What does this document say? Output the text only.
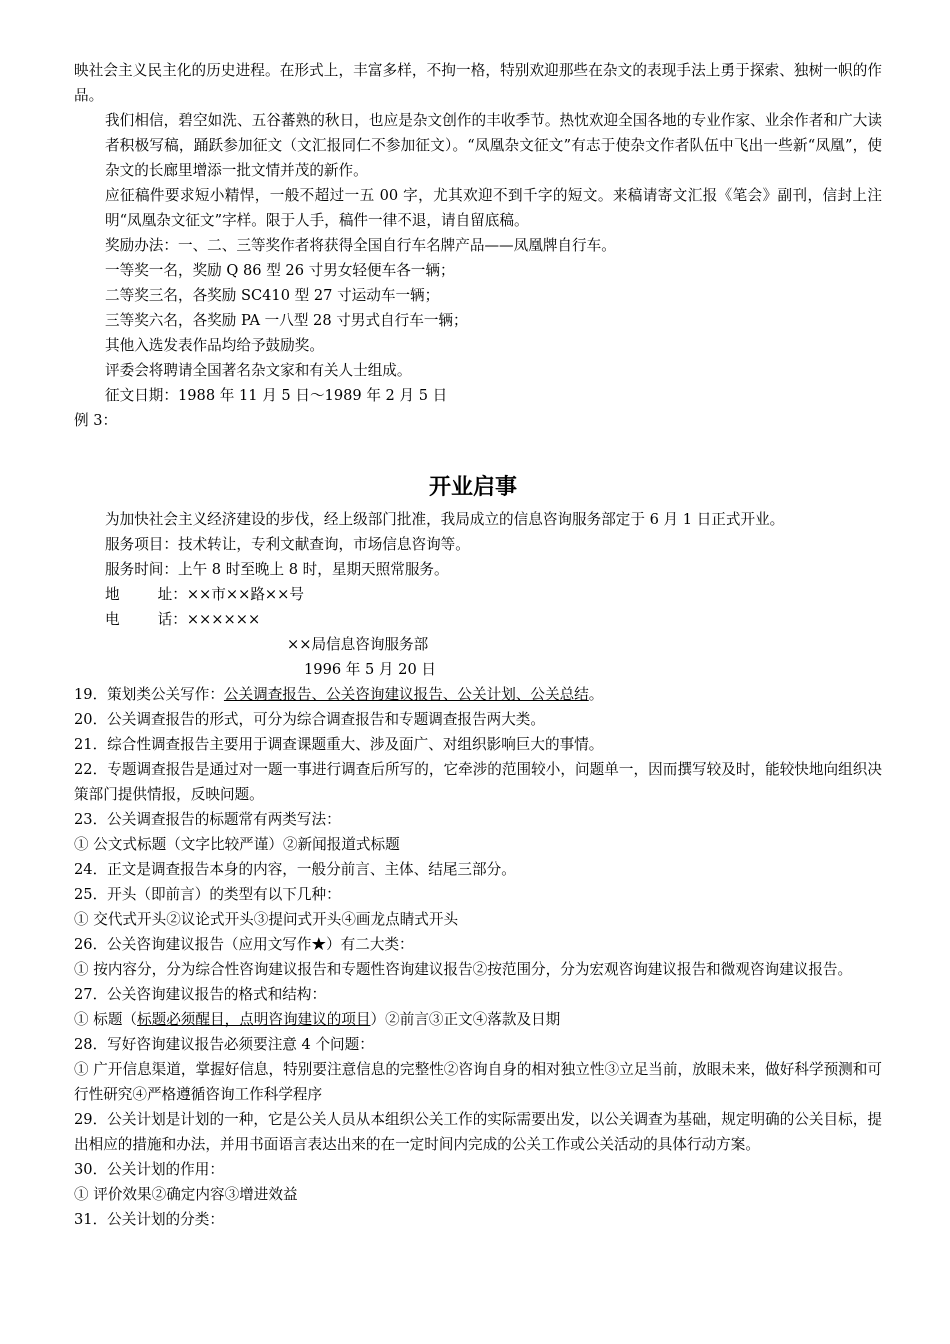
映社会主义民主化的历史进程。在形式上，丰富多样，不拘一格，特别欢迎那些在杂文的表现手法上勇于探索、独树一帜的作品。

我们相信，碧空如洗、五谷蕃熟的秋日，也应是杂文创作的丰收季节。热忱欢迎全国各地的专业作家、业余作者和广大读者积极写稿，踊跃参加征文（文汇报同仁不参加征文）。“凤凰杂文征文”有志于使杂文作者队伍中飞出一些新“凤凰”，使杂文的长廊里增添一批文情并茂的新作。

应征稿件要求短小精悍，一般不超过一五 00 字，尤其欢迎不到千字的短文。来稿请寄文汇报《笔会》副刊，信封上注明“凤凰杂文征文”字样。限于人手，稿件一律不退，请自留底稿。

奖励办法：一、二、三等奖作者将获得全国自行车名牌产品——凤凰牌自行车。

一等奖一名，奖励 Q 86 型 26 寸男女轻便车各一辆；

二等奖三名，各奖励 SC410 型 27 寸运动车一辆；

三等奖六名，各奖励 PA 一八型 28 寸男式自行车一辆；

其他入选发表作品均给予鼓励奖。

评委会将聘请全国著名杂文家和有关人士组成。

征文日期：1988 年 11 月 5 日～1989 年 2 月 5 日

例 3：

开业启事

为加快社会主义经济建设的步伐，经上级部门批准，我局成立的信息咨询服务部定于 6 月 1 日正式开业。

服务项目：技术转让，专利文献查询，市场信息咨询等。

服务时间：上午 8 时至晚上 8 时，星期天照常服务。

地	址：××市××路××号

电	话：××××××

××局信息咨询服务部

1996 年 5 月 20 日

19．策划类公关写作：公关调查报告、公关咨询建议报告、公关计划、公关总结。

20．公关调查报告的形式，可分为综合调查报告和专题调查报告两大类。

21．综合性调查报告主要用于调查课题重大、涉及面广、对组织影响巨大的事情。

22．专题调查报告是通过对一题一事进行调查后所写的，它牵涉的范围较小，问题单一，因而撰写较及时，能较快地向组织决策部门提供情报，反映问题。

23．公关调查报告的标题常有两类写法：

① 公文式标题（文字比较严谨）②新闻报道式标题

24．正文是调查报告本身的内容，一般分前言、主体、结尾三部分。

25．开头（即前言）的类型有以下几种：

① 交代式开头②议论式开头③提问式开头④画龙点睛式开头

26．公关咨询建议报告（应用文写作★）有二大类：

① 按内容分，分为综合性咨询建议报告和专题性咨询建议报告②按范围分，分为宏观咨询建议报告和微观咨询建议报告。

27．公关咨询建议报告的格式和结构：

① 标题（标题必须醒目，点明咨询建议的项目）②前言③正文④落款及日期

28．写好咨询建议报告必须要注意 4 个问题：

① 广开信息渠道，掌握好信息，特别要注意信息的完整性②咨询自身的相对独立性③立足当前，放眼未来，做好科学预测和可行性研究④严格遵循咨询工作科学程序

29．公关计划是计划的一种，它是公关人员从本组织公关工作的实际需要出发，以公关调查为基础，规定明确的公关目标，提出相应的措施和办法，并用书面语言表达出来的在一定时间内完成的公关工作或公关活动的具体行动方案。

30．公关计划的作用：

① 评价效果②确定内容③增进效益

31．公关计划的分类：
